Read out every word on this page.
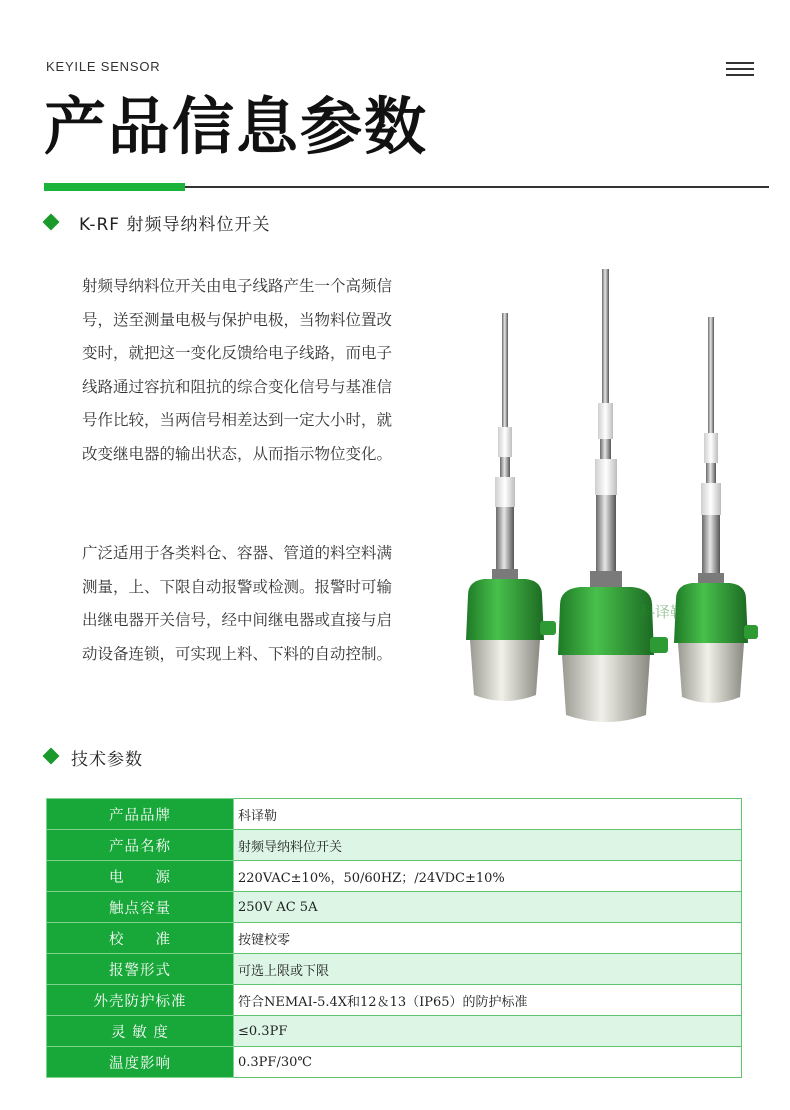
KEYILE SENSOR
产品信息参数
K-RF 射频导纳料位开关

射频导纳料位开关由电子线路产生一个高频信号，送至测量电极与保护电极，当物料位置改变时，就把这一变化反馈给电子线路，而电子线路通过容抗和阻抗的综合变化信号与基准信号作比较，当两信号相差达到一定大小时，就改变继电器的输出状态，从而指示物位变化。

广泛适用于各类料仓、容器、管道的料空料满测量，上、下限自动报警或检测。报警时可输出继电器开关信号，经中间继电器或直接与启动设备连锁，可实现上料、下料的自动控制。

科译勒
技术参数
产品品牌	科译勒
产品名称	射频导纳料位开关
电　　源	220VAC±10%，50/60HZ；/24VDC±10%
触点容量	250V AC 5A
校　　准	按键校零
报警形式	可选上限或下限
外壳防护标准	符合NEMAI-5.4X和12＆13（IP65）的防护标准
灵 敏 度	≤0.3PF
温度影响	0.3PF/30℃
